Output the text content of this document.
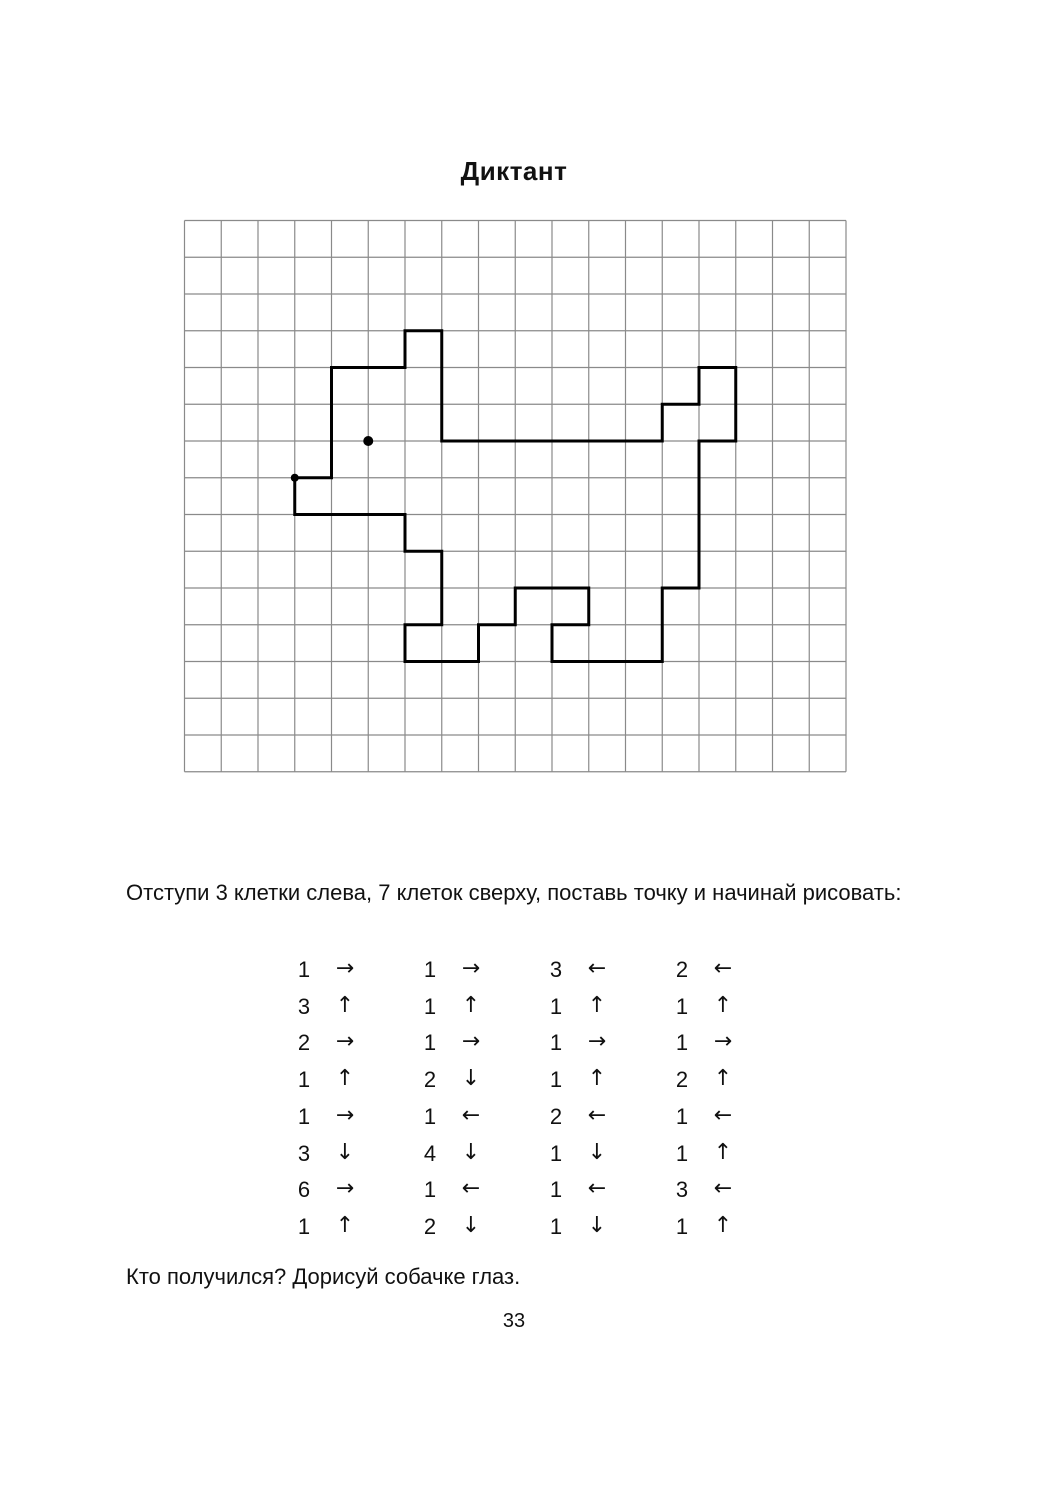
Диктант
Отступи 3 клетки слева, 7 клеток сверху, поставь точку и начинай рисовать:
1	→	1	→	3	←	2	←
3	↑	1	↑	1	↑	1	↑
2	→	1	→	1	→	1	→
1	↑	2	↓	1	↑	2	↑
1	→	1	←	2	←	1	←
3	↓	4	↓	1	↓	1	↑
6	→	1	←	1	←	3	←
1	↑	2	↓	1	↓	1	↑
Кто получился? Дорисуй собачке глаз.
33
